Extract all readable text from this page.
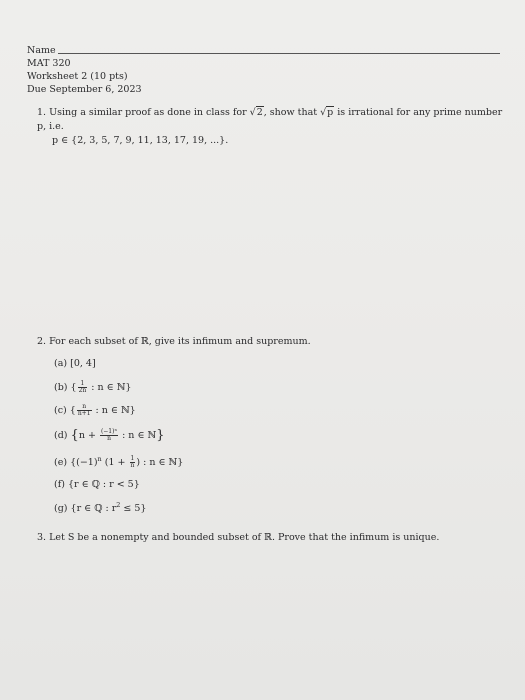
Name
MAT 320
Worksheet 2 (10 pts)
Due September 6, 2023
1. Using a similar proof as done in class for √2, show that √p is irrational for any prime number p, i.e.
p ∈ {2, 3, 5, 7, 9, 11, 13, 17, 19, ...}.
2. For each subset of ℝ, give its infimum and supremum.
(a) [0, 4]
(b) { $\frac{1}{2n}$ : n ∈ ℕ}
(c) { $\frac{n}{n+1}$ : n ∈ ℕ}
(d) {$n + \frac{\text{(−1)ⁿ}}{n}$ : n ∈ ℕ}
(e) {$(-1)^n$ ($1 + \frac{1}{n}$ ) : n ∈ ℕ}
(f) {r ∈ ℚ : r < 5}
(g) {r ∈ ℚ : $r^2 \le 5$}
3. Let S be a nonempty and bounded subset of ℝ. Prove that the infimum is unique.
